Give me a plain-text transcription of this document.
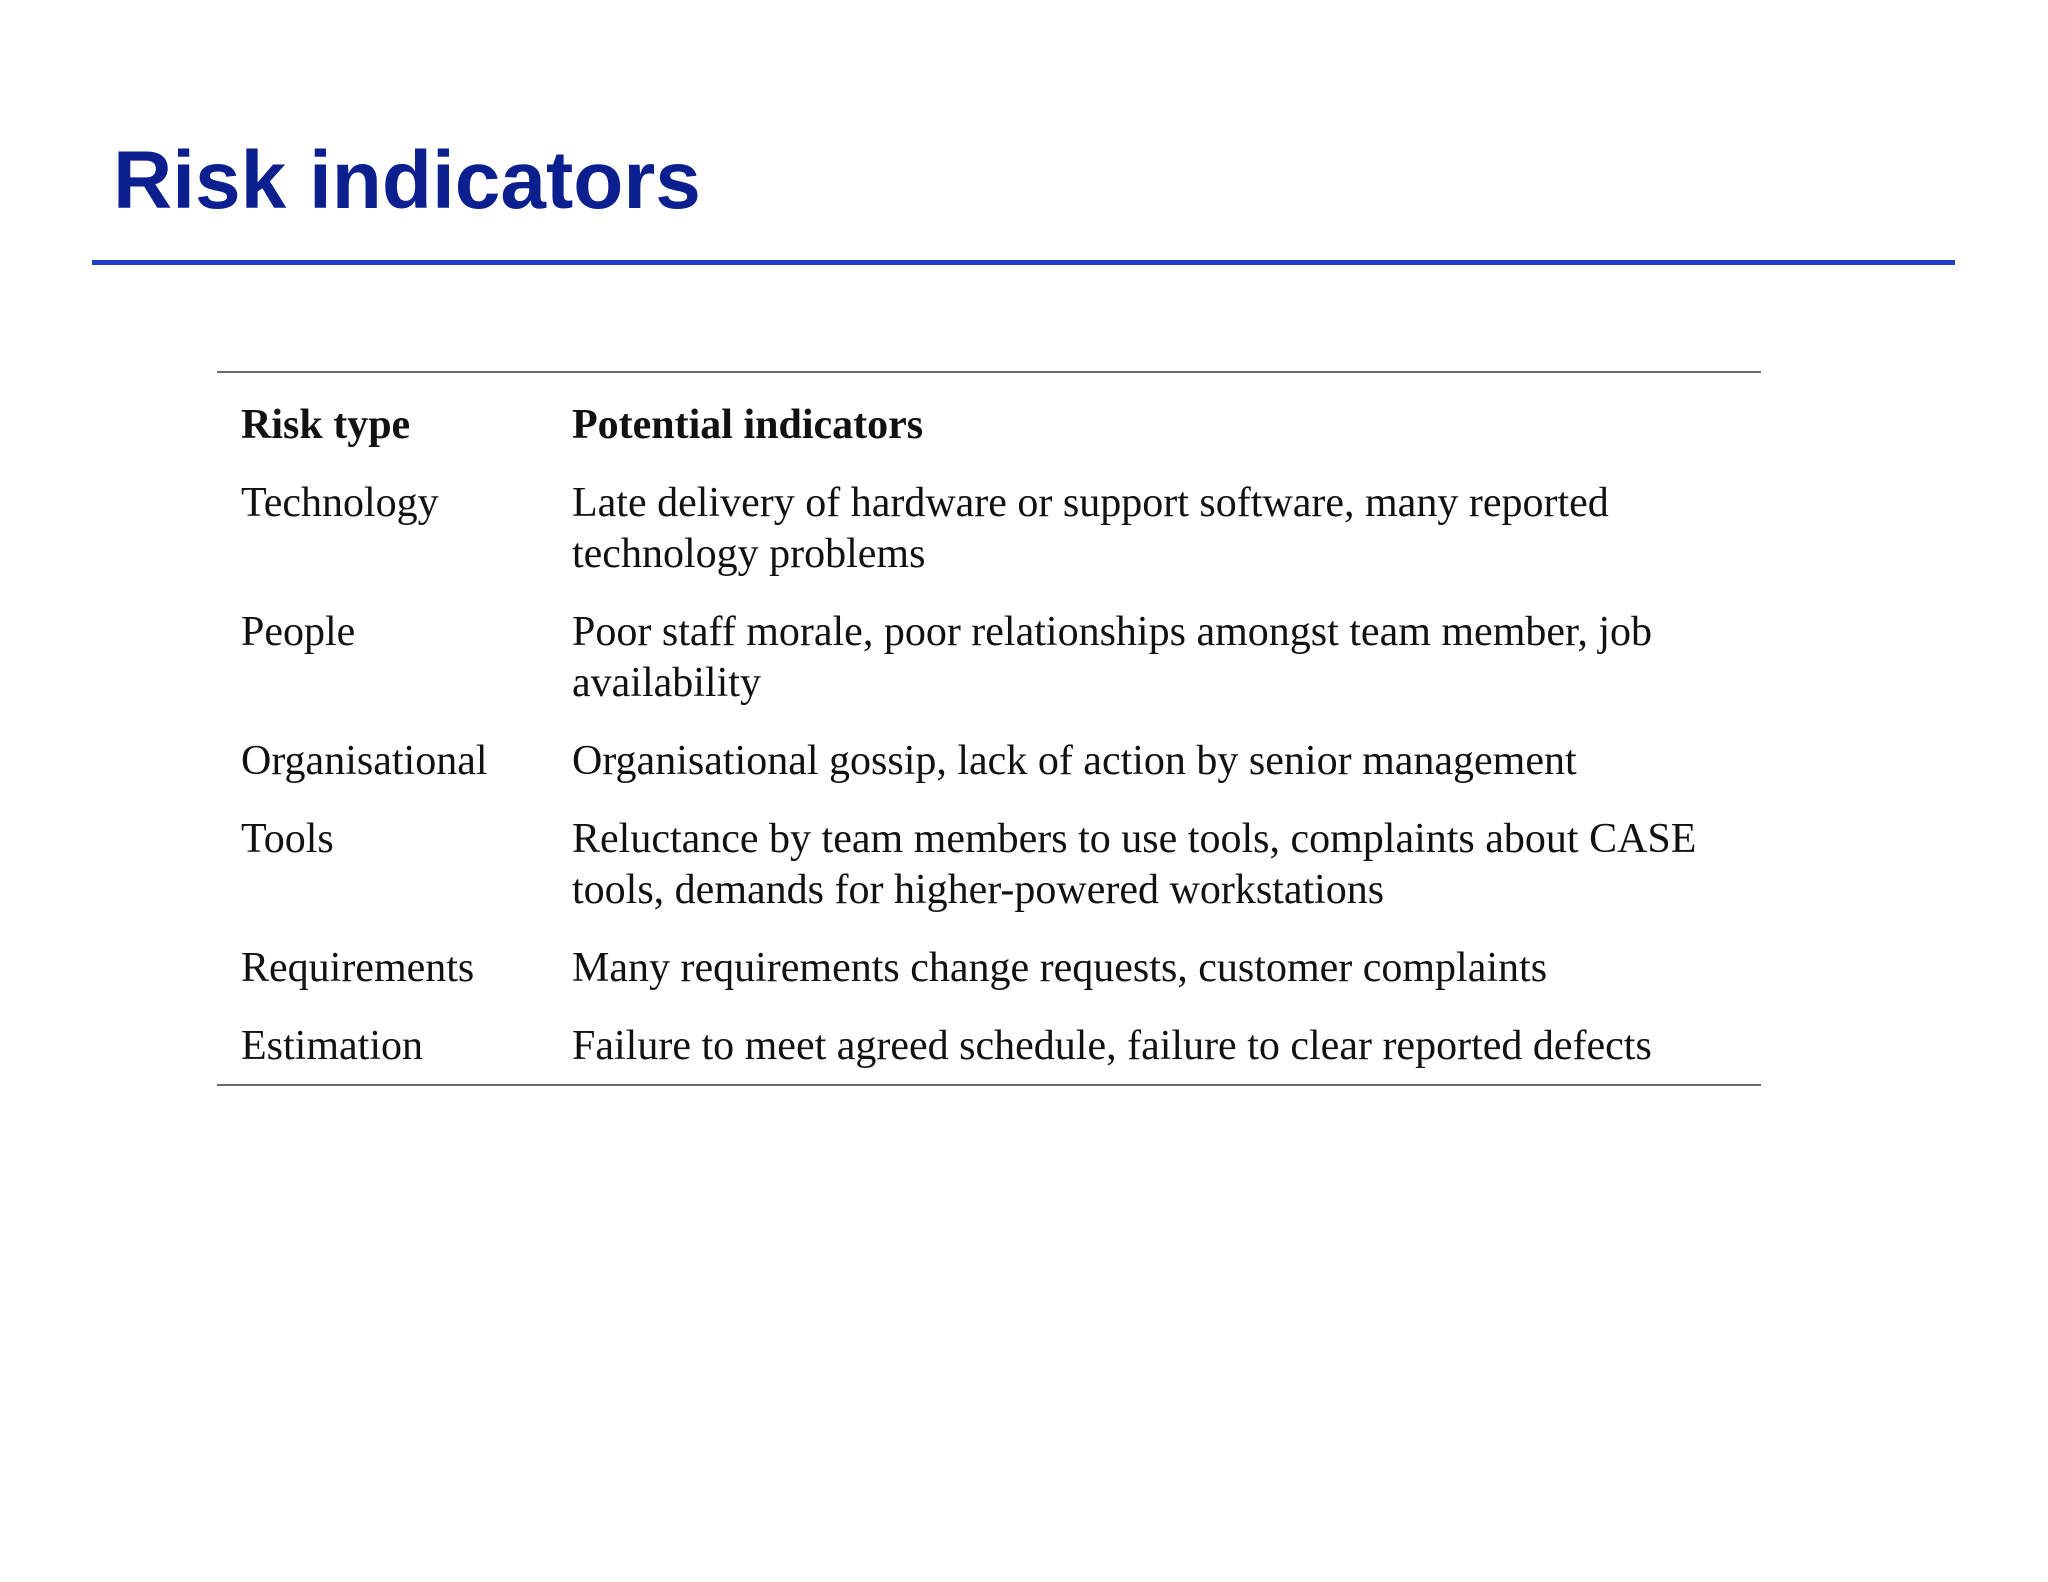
Risk indicators
Risk type	Potential indicators
Technology	Late delivery of hardware or support software, many reported technology problems
People	Poor staff morale, poor relationships amongst team member, job availability
Organisational	Organisational gossip, lack of action by senior management
Tools	Reluctance by team members to use tools, complaints about CASE tools, demands for higher-powered workstations
Requirements	Many requirements change requests, customer complaints
Estimation	Failure to meet agreed schedule, failure to clear reported defects
